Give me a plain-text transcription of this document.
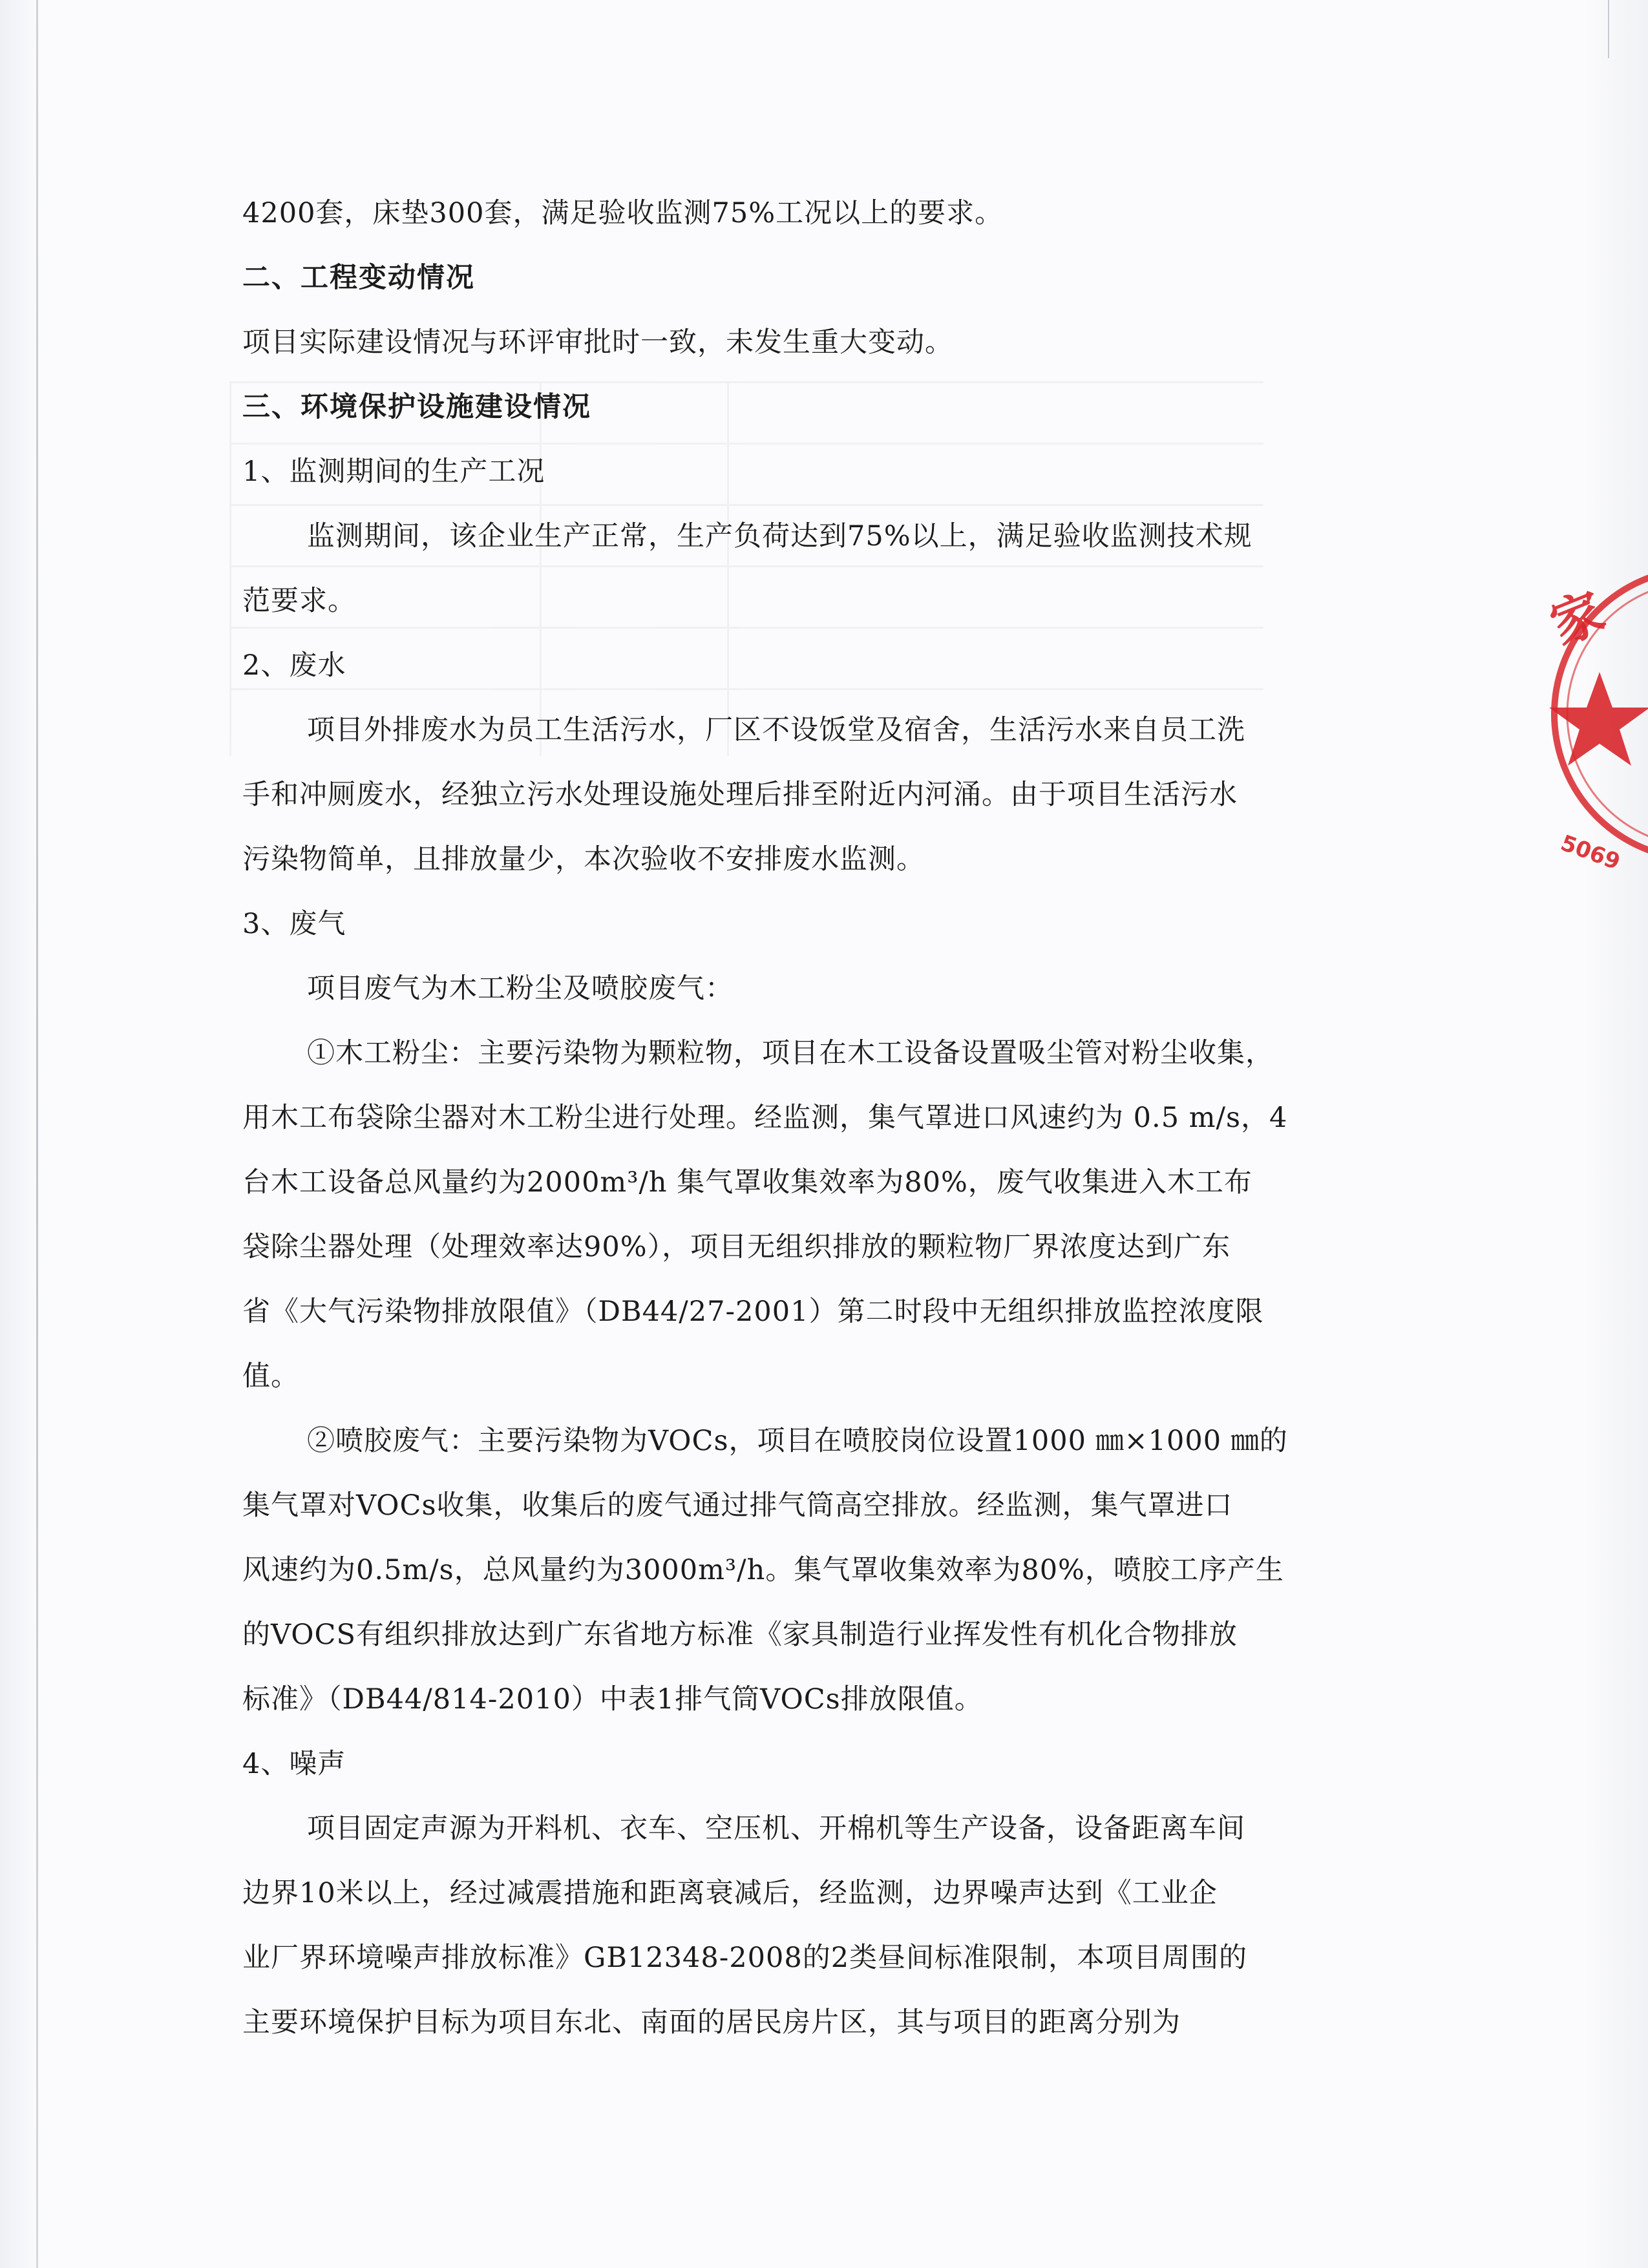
4200套，床垫300套，满足验收监测75%工况以上的要求。
二、工程变动情况
项目实际建设情况与环评审批时一致，未发生重大变动。
三、环境保护设施建设情况
1、监测期间的生产工况
监测期间，该企业生产正常，生产负荷达到75%以上，满足验收监测技术规
范要求。
2、废水
项目外排废水为员工生活污水，厂区不设饭堂及宿舍，生活污水来自员工洗
手和冲厕废水，经独立污水处理设施处理后排至附近内河涌。由于项目生活污水
污染物简单，且排放量少，本次验收不安排废水监测。
3、废气
项目废气为木工粉尘及喷胶废气：
①木工粉尘：主要污染物为颗粒物，项目在木工设备设置吸尘管对粉尘收集，
用木工布袋除尘器对木工粉尘进行处理。经监测，集气罩进口风速约为 0.5 m/s，4
台木工设备总风量约为2000m³/h 集气罩收集效率为80%，废气收集进入木工布
袋除尘器处理（处理效率达90%），项目无组织排放的颗粒物厂界浓度达到广东
省《大气污染物排放限值》（DB44/27-2001）第二时段中无组织排放监控浓度限
值。
②喷胶废气：主要污染物为VOCs，项目在喷胶岗位设置1000 ㎜×1000 ㎜的
集气罩对VOCs收集，收集后的废气通过排气筒高空排放。经监测，集气罩进口
风速约为0.5m/s，总风量约为3000m³/h。集气罩收集效率为80%，喷胶工序产生
的VOCS有组织排放达到广东省地方标准《家具制造行业挥发性有机化合物排放
标准》（DB44/814-2010）中表1排气筒VOCs排放限值。
4、噪声
项目固定声源为开料机、衣车、空压机、开棉机等生产设备，设备距离车间
边界10米以上，经过减震措施和距离衰减后，经监测，边界噪声达到《工业企
业厂界环境噪声排放标准》GB12348-2008的2类昼间标准限制，本项目周围的
主要环境保护目标为项目东北、南面的居民房片区，其与项目的距离分别为
家
5069
